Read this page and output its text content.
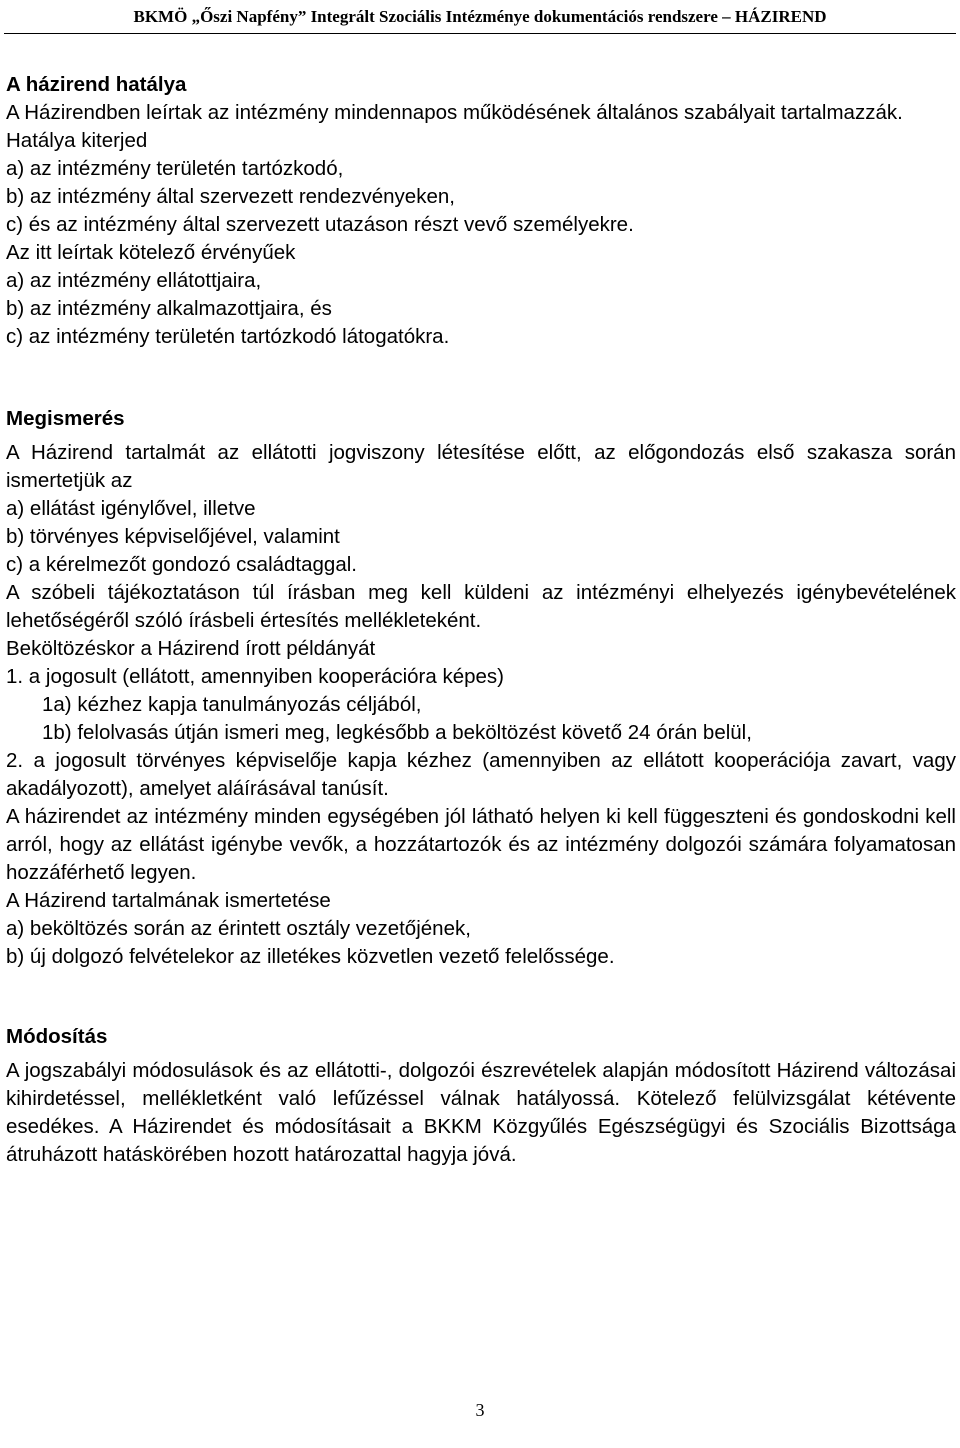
BKMÖ „Őszi Napfény” Integrált Szociális Intézménye dokumentációs rendszere – HÁZIREND

A házirend hatálya

A Házirendben leírtak az intézmény mindennapos működésének általános szabályait tartalmazzák.

Hatálya kiterjed

a) az intézmény területén tartózkodó,

b) az intézmény által szervezett rendezvényeken,

c) és az intézmény által szervezett utazáson részt vevő személyekre.

Az itt leírtak kötelező érvényűek

a) az intézmény ellátottjaira,

b) az intézmény alkalmazottjaira, és

c) az intézmény területén tartózkodó látogatókra.

Megismerés

A Házirend tartalmát az ellátotti jogviszony létesítése előtt, az előgondozás első szakasza során ismertetjük az

a) ellátást igénylővel, illetve

b) törvényes képviselőjével, valamint

c) a kérelmezőt gondozó családtaggal.

A szóbeli tájékoztatáson túl írásban meg kell küldeni az intézményi elhelyezés igénybevételének lehetőségéről szóló írásbeli értesítés mellékleteként.

Beköltözéskor a Házirend írott példányát

1. a jogosult (ellátott, amennyiben kooperációra képes)

1a) kézhez kapja tanulmányozás céljából,

1b) felolvasás útján ismeri meg, legkésőbb a beköltözést követő 24 órán belül,

2. a jogosult törvényes képviselője kapja kézhez (amennyiben az ellátott kooperációja zavart, vagy akadályozott), amelyet aláírásával tanúsít.

A házirendet az intézmény minden egységében jól látható helyen ki kell függeszteni és gondoskodni kell arról, hogy az ellátást igénybe vevők, a hozzátartozók és az intézmény dolgozói számára folyamatosan hozzáférhető legyen.

A Házirend tartalmának ismertetése

a) beköltözés során az érintett osztály vezetőjének,

b) új dolgozó felvételekor az illetékes közvetlen vezető felelőssége.

Módosítás

A jogszabályi módosulások és az ellátotti-, dolgozói észrevételek alapján módosított Házirend változásai kihirdetéssel, mellékletként való lefűzéssel válnak hatályossá. Kötelező felülvizsgálat kétévente esedékes. A Házirendet és módosításait a BKKM Közgyűlés Egészségügyi és Szociális Bizottsága átruházott hatáskörében hozott határozattal hagyja jóvá.

3
